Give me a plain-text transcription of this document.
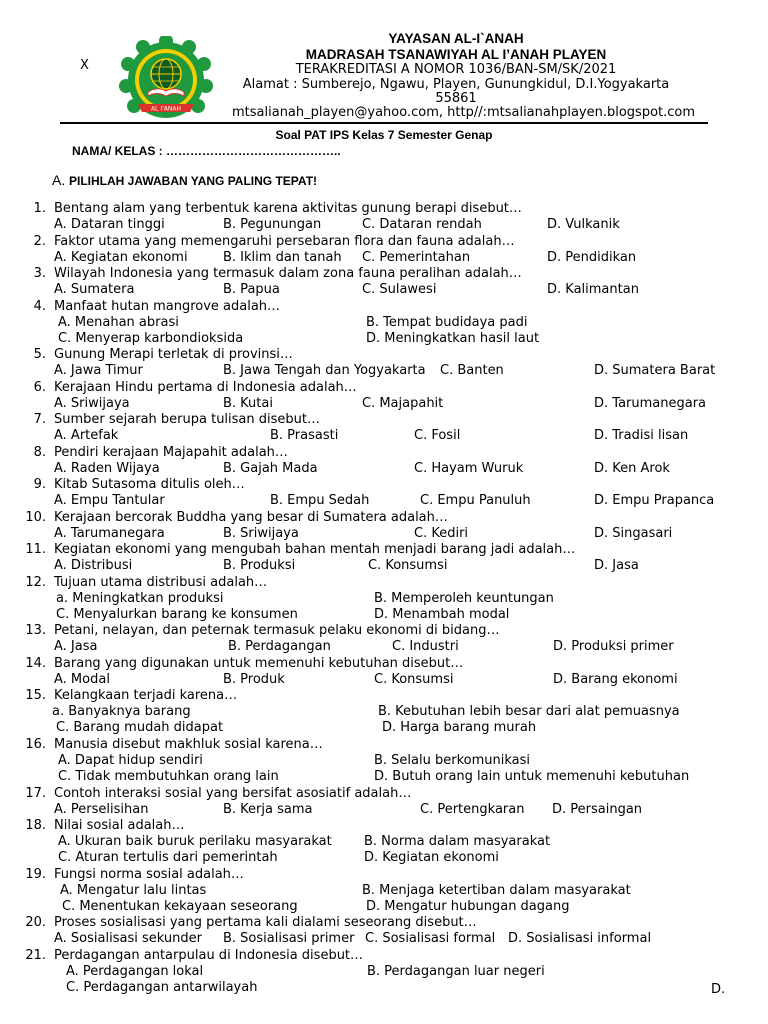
X
AL I'ANAH
YAYASAN AL-I`ANAH
MADRASAH TSANAWIYAH AL I’ANAH PLAYEN
TERAKREDITASI A NOMOR 1036/BAN-SM/SK/2021
Alamat : Sumberejo, Ngawu, Playen, Gunungkidul, D.I.Yogyakarta
55861
mtsalianah_playen@yahoo.com, http//:mtsalianahplayen.blogspot.com
Soal PAT IPS Kelas 7 Semester Genap
NAMA/ KELAS : ……………………………………..
A. PILIHLAH JAWABAN YANG PALING TEPAT!
1. Bentang alam yang terbentuk karena aktivitas gunung berapi disebut…
A. Dataran tinggi	B. Pegunungan	C. Dataran rendah	D. Vulkanik
2. Faktor utama yang memengaruhi persebaran flora dan fauna adalah…
A. Kegiatan ekonomi	B. Iklim dan tanah C. Pemerintahan	D. Pendidikan
3. Wilayah Indonesia yang termasuk dalam zona fauna peralihan adalah…
A. Sumatera	B. Papua	C. Sulawesi	D. Kalimantan
4. Manfaat hutan mangrove adalah…
A. Menahan abrasi	B. Tempat budidaya padi
C. Menyerap karbondioksida	D. Meningkatkan hasil laut
5. Gunung Merapi terletak di provinsi…
A. Jawa Timur	B. Jawa Tengah dan Yogyakarta C. Banten	D. Sumatera Barat
6. Kerajaan Hindu pertama di Indonesia adalah…
A. Sriwijaya	B. Kutai	C. Majapahit	D. Tarumanegara
7. Sumber sejarah berupa tulisan disebut…
A. Artefak	B. Prasasti	C. Fosil	D. Tradisi lisan
8. Pendiri kerajaan Majapahit adalah…
A. Raden Wijaya	B. Gajah Mada	C. Hayam Wuruk	D. Ken Arok
9. Kitab Sutasoma ditulis oleh…
A. Empu Tantular	B. Empu Sedah	C. Empu Panuluh	D. Empu Prapanca
10. Kerajaan bercorak Buddha yang besar di Sumatera adalah…
A. Tarumanegara	B. Sriwijaya	C. Kediri	D. Singasari
11. Kegiatan ekonomi yang mengubah bahan mentah menjadi barang jadi adalah…
A. Distribusi	B. Produksi	C. Konsumsi	D. Jasa
12. Tujuan utama distribusi adalah…
a. Meningkatkan produksi	B. Memperoleh keuntungan
C. Menyalurkan barang ke konsumen	D. Menambah modal
13. Petani, nelayan, dan peternak termasuk pelaku ekonomi di bidang…
A. Jasa	B. Perdagangan	C. Industri	D. Produksi primer
14. Barang yang digunakan untuk memenuhi kebutuhan disebut…
A. Modal	B. Produk	C. Konsumsi	D. Barang ekonomi
15. Kelangkaan terjadi karena…
a. Banyaknya barang	B. Kebutuhan lebih besar dari alat pemuasnya
C. Barang mudah didapat	D. Harga barang murah
16. Manusia disebut makhluk sosial karena…
A. Dapat hidup sendiri	B. Selalu berkomunikasi
C. Tidak membutuhkan orang lain	D. Butuh orang lain untuk memenuhi kebutuhan
17. Contoh interaksi sosial yang bersifat asosiatif adalah…
A. Perselisihan	B. Kerja sama	C. Pertengkaran D. Persaingan
18. Nilai sosial adalah…
A. Ukuran baik buruk perilaku masyarakat B. Norma dalam masyarakat
C. Aturan tertulis dari pemerintah	D. Kegiatan ekonomi
19. Fungsi norma sosial adalah…
A. Mengatur lalu lintas	B. Menjaga ketertiban dalam masyarakat
C. Menentukan kekayaan seseorang	D. Mengatur hubungan dagang
20. Proses sosialisasi yang pertama kali dialami seseorang disebut…
A. Sosialisasi sekunder B. Sosialisasi primer C. Sosialisasi formal D. Sosialisasi informal
21. Perdagangan antarpulau di Indonesia disebut…
A. Perdagangan lokal	B. Perdagangan luar negeri
C. Perdagangan antarwilayah	D.
